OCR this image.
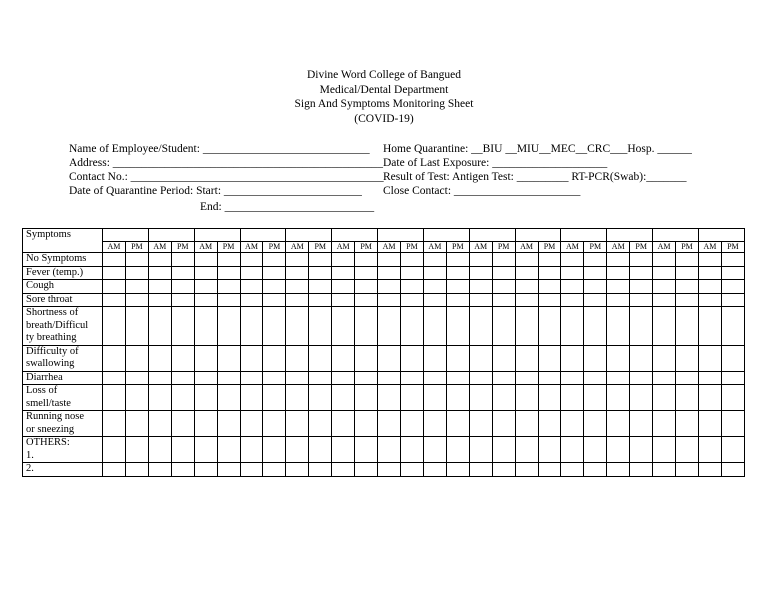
Divine Word College of Bangued
Medical/Dental Department
Sign And Symptoms Monitoring Sheet
(COVID-19)
Name of Employee/Student: _____________________________
Address: _______________________________________________
Contact No.: ____________________________________________
Date of Quarantine Period: Start: ________________________
End: __________________________
Home Quarantine: __BIU __MIU__MEC__CRC___Hosp. ______
Date of Last Exposure: ____________________
Result of Test: Antigen Test: _________ RT-PCR(Swab):_______
Close Contact: ______________________
Symptoms																												
	AM	PM	AM	PM	AM	PM	AM	PM	AM	PM	AM	PM	AM	PM	AM	PM	AM	PM	AM	PM	AM	PM	AM	PM	AM	PM	AM	PM

No Symptoms																												

Fever (temp.)																												

Cough																												

Sore throat																												

Shortness of
breath/Difficul
ty breathing																												

Difficulty of
swallowing																												

Diarrhea																												

Loss of
smell/taste																												

Running nose
or sneezing																												

OTHERS:
1.																												

2.																												
